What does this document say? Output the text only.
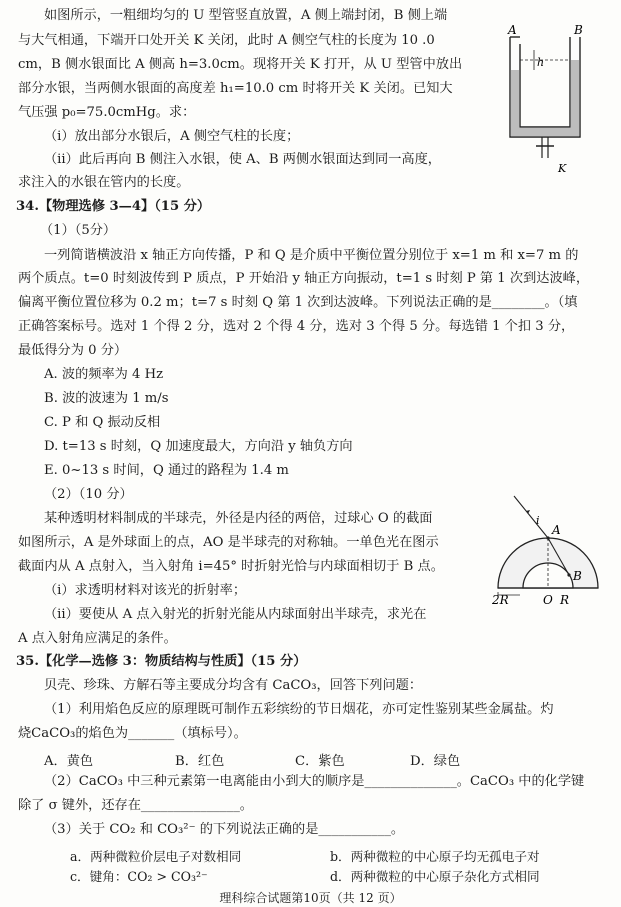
如图所示，一粗细均匀的 U 型管竖直放置，A 侧上端封闭，B 侧上端
与大气相通，下端开口处开关 K 关闭，此时 A 侧空气柱的长度为 10 .0
cm，B 侧水银面比 A 侧高 h=3.0cm。现将开关 K 打开，从 U 型管中放出
部分水银，当两侧水银面的高度差 h₁=10.0 cm 时将开关 K 关闭。已知大
气压强 p₀=75.0cmHg。求：
（i）放出部分水银后，A 侧空气柱的长度；
（ii）此后再向 B 侧注入水银，使 A、B 两侧水银面达到同一高度，
求注入的水银在管内的长度。
A	B
h
K
34.【物理选修 3—4】（15 分）
（1）（5分）
一列简谐横波沿 x 轴正方向传播，P 和 Q 是介质中平衡位置分别位于 x=1 m 和 x=7 m 的
两个质点。t=0 时刻波传到 P 质点，P 开始沿 y 轴正方向振动，t=1 s 时刻 P 第 1 次到达波峰，
偏离平衡位置位移为 0.2 m；t=7 s 时刻 Q 第 1 次到达波峰。下列说法正确的是________。（填
正确答案标号。选对 1 个得 2 分，选对 2 个得 4 分，选对 3 个得 5 分。每选错 1 个扣 3 分，
最低得分为 0 分）
A. 波的频率为 4 Hz
B. 波的波速为 1 m/s
C. P 和 Q 振动反相
D. t=13 s 时刻，Q 加速度最大，方向沿 y 轴负方向
E. 0~13 s 时间，Q 通过的路程为 1.4 m
（2）（10 分）
某种透明材料制成的半球壳，外径是内径的两倍，过球心 O 的截面
如图所示，A 是外球面上的点，AO 是半球壳的对称轴。一单色光在图示
截面内从 A 点射入，当入射角 i=45° 时折射光恰与内球面相切于 B 点。
（i）求透明材料对该光的折射率；
（ii）要使从 A 点入射光的折射光能从内球面射出半球壳，求光在
A 点入射角应满足的条件。
i
A
B
2R	O R
35.【化学—选修 3：物质结构与性质】（15 分）
贝壳、珍珠、方解石等主要成分均含有 CaCO₃，回答下列问题：
（1）利用焰色反应的原理既可制作五彩缤纷的节日烟花，亦可定性鉴别某些金属盐。灼
烧CaCO₃的焰色为_______（填标号）。
A．黄色	B．红色	C．紫色	D．绿色
（2）CaCO₃ 中三种元素第一电离能由小到大的顺序是______________。CaCO₃ 中的化学键
除了 σ 键外，还存在_______________。
（3）关于 CO₂ 和 CO₃²⁻ 的下列说法正确的是___________。
a．两种微粒价层电子对数相同	b．两种微粒的中心原子均无孤电子对
理科综合试题第10页（共 12 页）
c．键角：CO₂ > CO₃²⁻	d．两种微粒的中心原子杂化方式相同
